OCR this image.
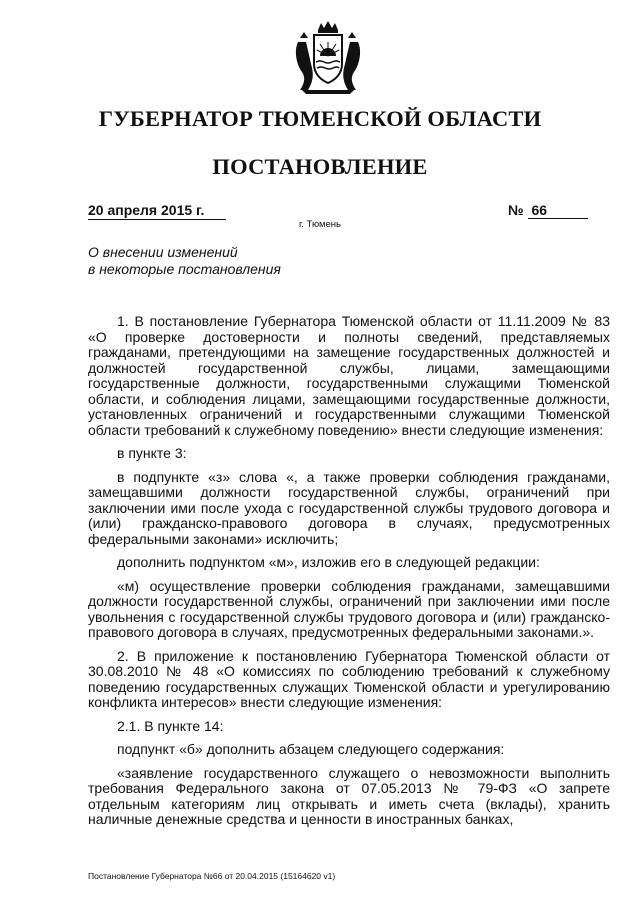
ГУБЕРНАТОР ТЮМЕНСКОЙ ОБЛАСТИ
ПОСТАНОВЛЕНИЕ
20 апреля 2015 г.	№ 66
г. Тюмень
О внесении изменений
в некоторые постановления

1. В постановление Губернатора Тюменской области от 11.11.2009 № 83 «О проверке достоверности и полноты сведений, представляемых гражданами, претендующими на замещение государственных должностей и должностей государственной службы, лицами, замещающими государственные должности, государственными служащими Тюменской области, и соблюдения лицами, замещающими государственные должности, установленных ограничений и государственными служащими Тюменской области требований к служебному поведению» внести следующие изменения:

в пункте 3:

в подпункте «з» слова «, а также проверки соблюдения гражданами, замещавшими должности государственной службы, ограничений при заключении ими после ухода с государственной службы трудового договора и (или) гражданско-правового договора в случаях, предусмотренных федеральными законами» исключить;

дополнить подпунктом «м», изложив его в следующей редакции:

«м) осуществление проверки соблюдения гражданами, замещавшими должности государственной службы, ограничений при заключении ими после увольнения с государственной службы трудового договора и (или) гражданско-правового договора в случаях, предусмотренных федеральными законами.».

2. В приложение к постановлению Губернатора Тюменской области от 30.08.2010 № 48 «О комиссиях по соблюдению требований к служебному поведению государственных служащих Тюменской области и урегулированию конфликта интересов» внести следующие изменения:

2.1. В пункте 14:

подпункт «б» дополнить абзацем следующего содержания:

«заявление государственного служащего о невозможности выполнить требования Федерального закона от 07.05.2013 № 79-ФЗ «О запрете отдельным категориям лиц открывать и иметь счета (вклады), хранить наличные денежные средства и ценности в иностранных банках,

Постановление Губернатора №66 от 20.04.2015 (15164620 v1)
